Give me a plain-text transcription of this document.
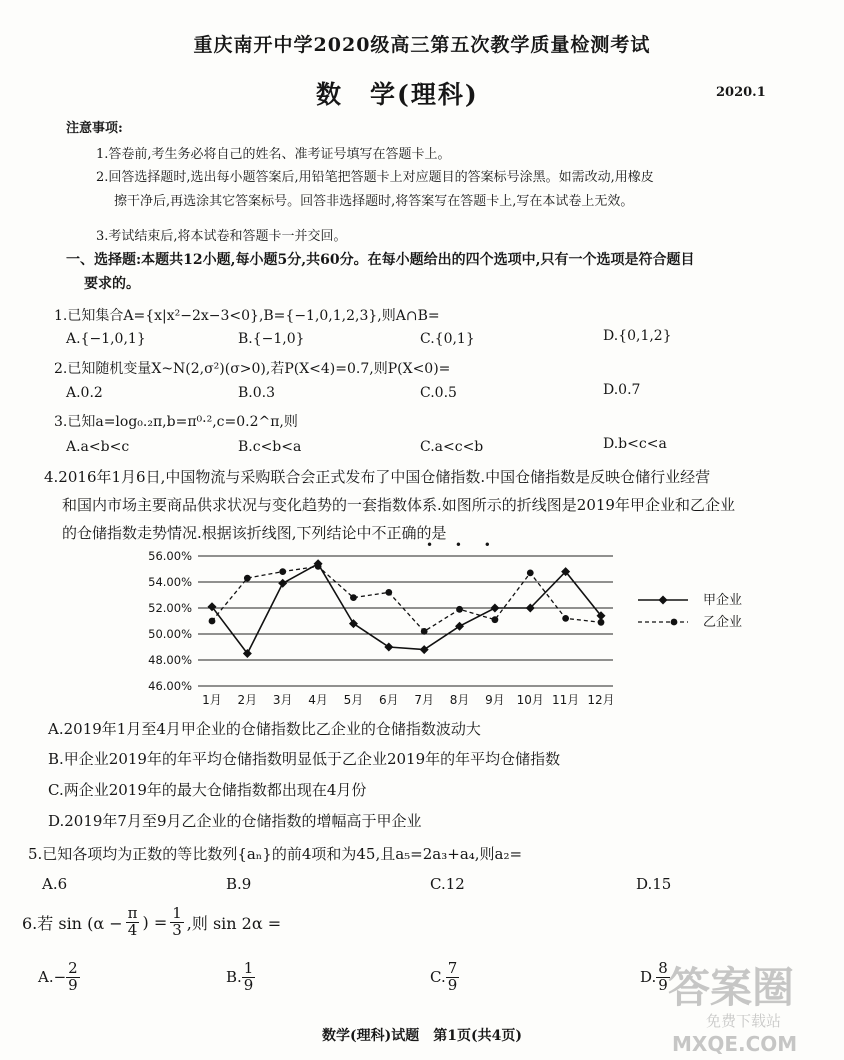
重庆南开中学2020级高三第五次教学质量检测考试
数　学(理科)	2020.1
注意事项:
1.答卷前,考生务必将自己的姓名、准考证号填写在答题卡上。
2.回答选择题时,选出每小题答案后,用铅笔把答题卡上对应题目的答案标号涂黑。如需改动,用橡皮
擦干净后,再选涂其它答案标号。回答非选择题时,将答案写在答题卡上,写在本试卷上无效。
3.考试结束后,将本试卷和答题卡一并交回。
一、选择题:本题共12小题,每小题5分,共60分。在每小题给出的四个选项中,只有一个选项是符合题目
要求的。
1.已知集合A={x|x²−2x−3<0},B={−1,0,1,2,3},则A∩B=
A.{−1,0,1}	B.{−1,0}	C.{0,1}	D.{0,1,2}
2.已知随机变量X~N(2,σ²)(σ>0),若P(X<4)=0.7,则P(X<0)=
A.0.2	B.0.3	C.0.5	D.0.7
3.已知a=log₀.₂π,b=π⁰·²,c=0.2^π,则
A.a<b<c	B.c<b<a	C.a<c<b	D.b<c<a
4.2016年1月6日,中国物流与采购联合会正式发布了中国仓储指数.中国仓储指数是反映仓储行业经营
和国内市场主要商品供求状况与变化趋势的一套指数体系.如图所示的折线图是2019年甲企业和乙企业
的仓储指数走势情况.根据该折线图,下列结论中不正确的是
• • •
46.00%
48.00%
50.00%
52.00%
54.00%
56.00%
1月 2月 3月 4月 5月 6月 7月 8月 9月 10月 11月 12月
甲企业
乙企业
A.2019年1月至4月甲企业的仓储指数比乙企业的仓储指数波动大
B.甲企业2019年的年平均仓储指数明显低于乙企业2019年的年平均仓储指数
C.两企业2019年的最大仓储指数都出现在4月份
D.2019年7月至9月乙企业的仓储指数的增幅高于甲企业
5.已知各项均为正数的等比数列{aₙ}的前4项和为45,且a₅=2a₃+a₄,则a₂=
A.6	B.9	C.12	D.15
6.若 $\sin (\alpha - \frac{\pi}{4}$ ) = $\frac{1}{3}$ ,则 sin 2α =
$A.- \frac{2}{9}$	B. $\frac{1}{9}$	C. $\frac{7}{9}$	D. $\frac{8}{9}$
数学(理科)试题　第1页(共4页)
答案圈
免费下载站
MXQE.COM
